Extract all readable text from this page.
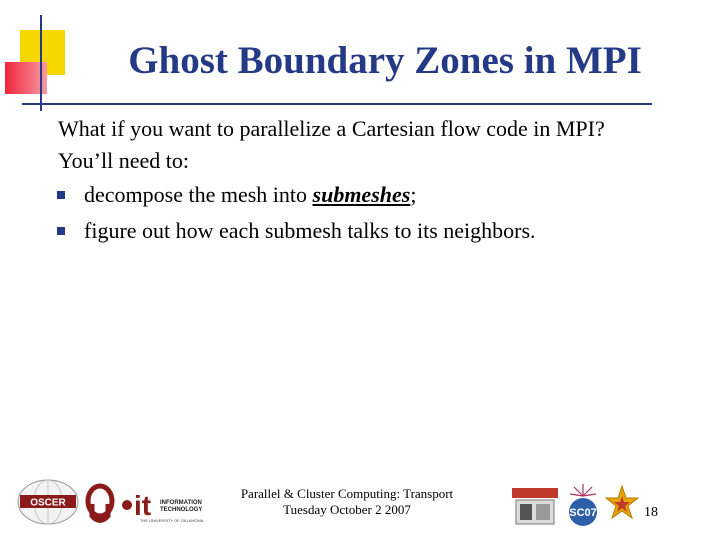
Ghost Boundary Zones in MPI
What if you want to parallelize a Cartesian flow code in MPI?
You’ll need to:
decompose the mesh into submeshes;
figure out how each submesh talks to its neighbors.
OSCER it INFORMATION
TECHNOLOGY
THE UNIVERSITY OF OKLAHOMA
Parallel & Cluster Computing: Transport
Tuesday October 2 2007	SC07	18
